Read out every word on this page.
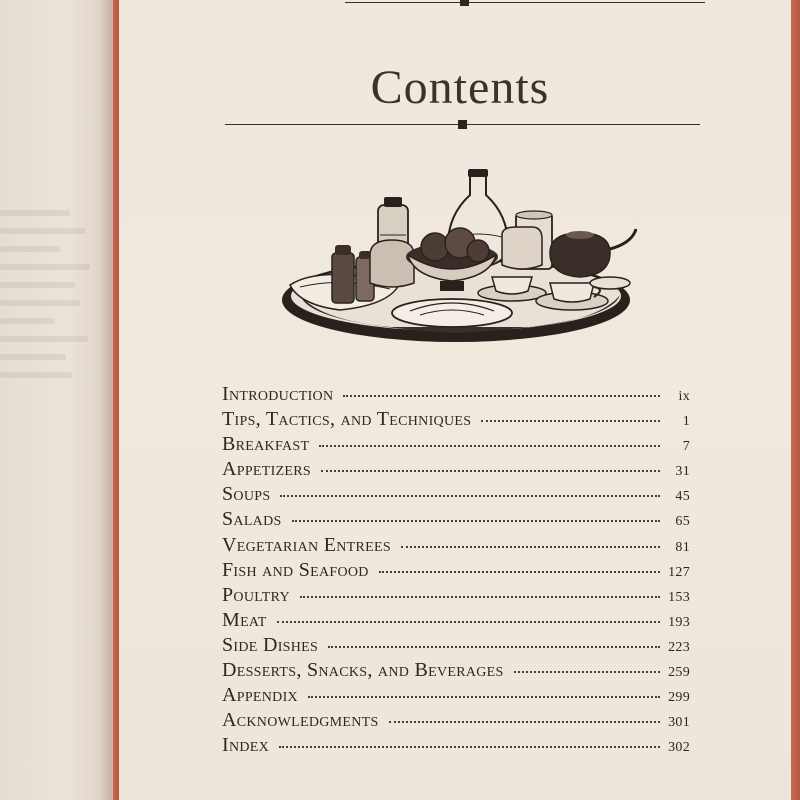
Contents
Introduction	ix
Tips, Tactics, and Techniques	1
Breakfast	7
Appetizers	31
Soups	45
Salads	65
Vegetarian Entrees	81
Fish and Seafood	127
Poultry	153
Meat	193
Side Dishes	223
Desserts, Snacks, and Beverages	259
Appendix	299
Acknowledgments	301
Index	302
